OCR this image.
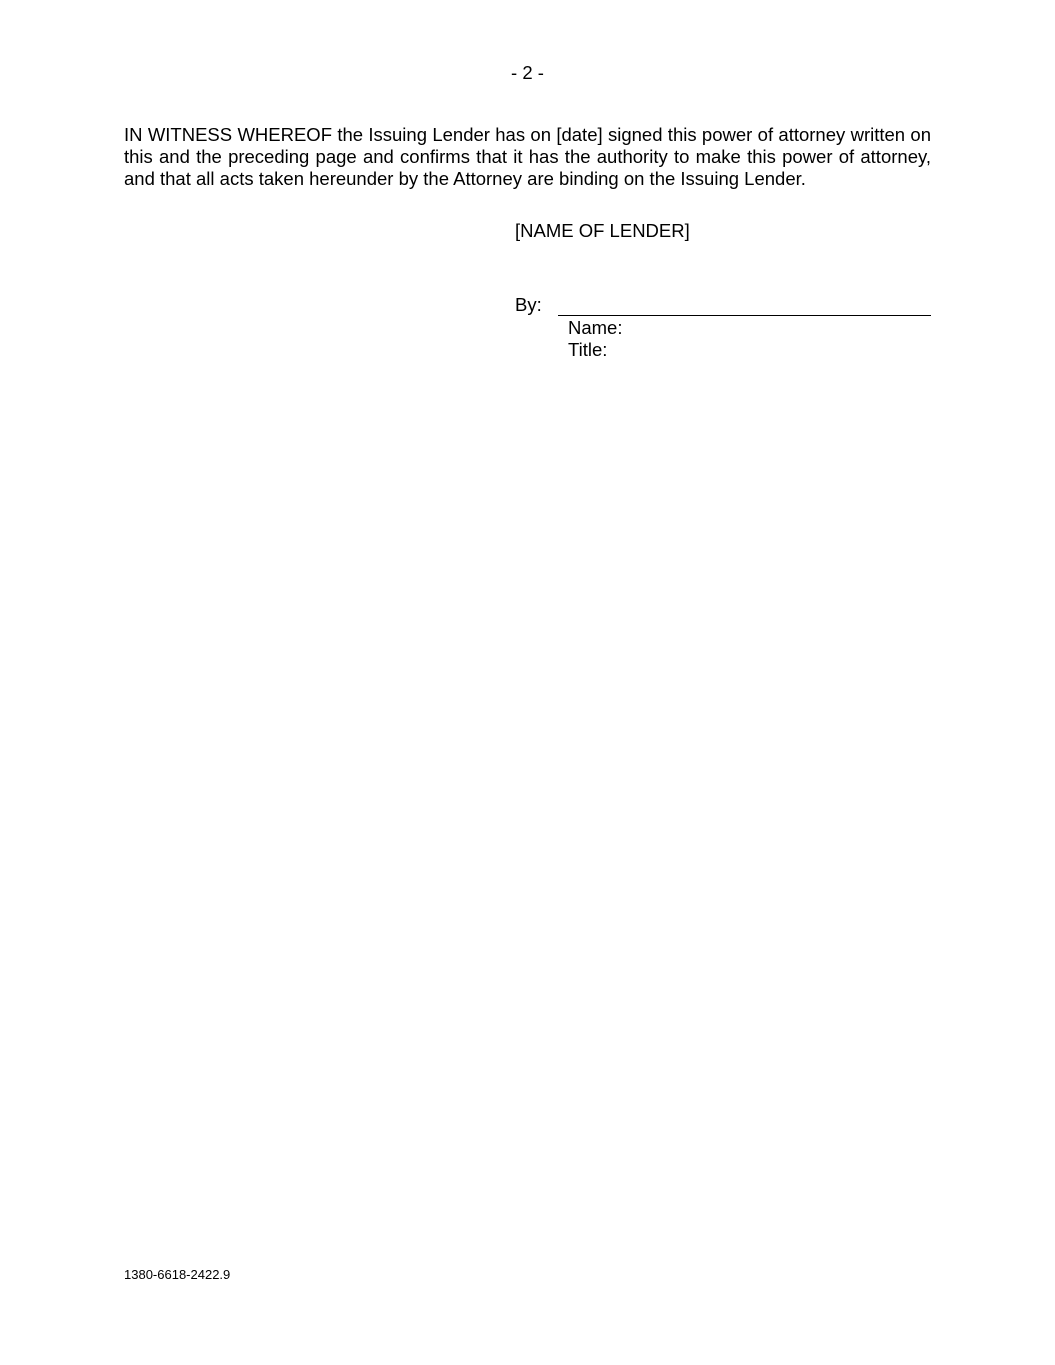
- 2 -

IN WITNESS WHEREOF the Issuing Lender has on [date] signed this power of attorney written on this and the preceding page and confirms that it has the authority to make this power of attorney, and that all acts taken hereunder by the Attorney are binding on the Issuing Lender.

[NAME OF LENDER]
By:
Name:
Title:
1380-6618-2422.9
